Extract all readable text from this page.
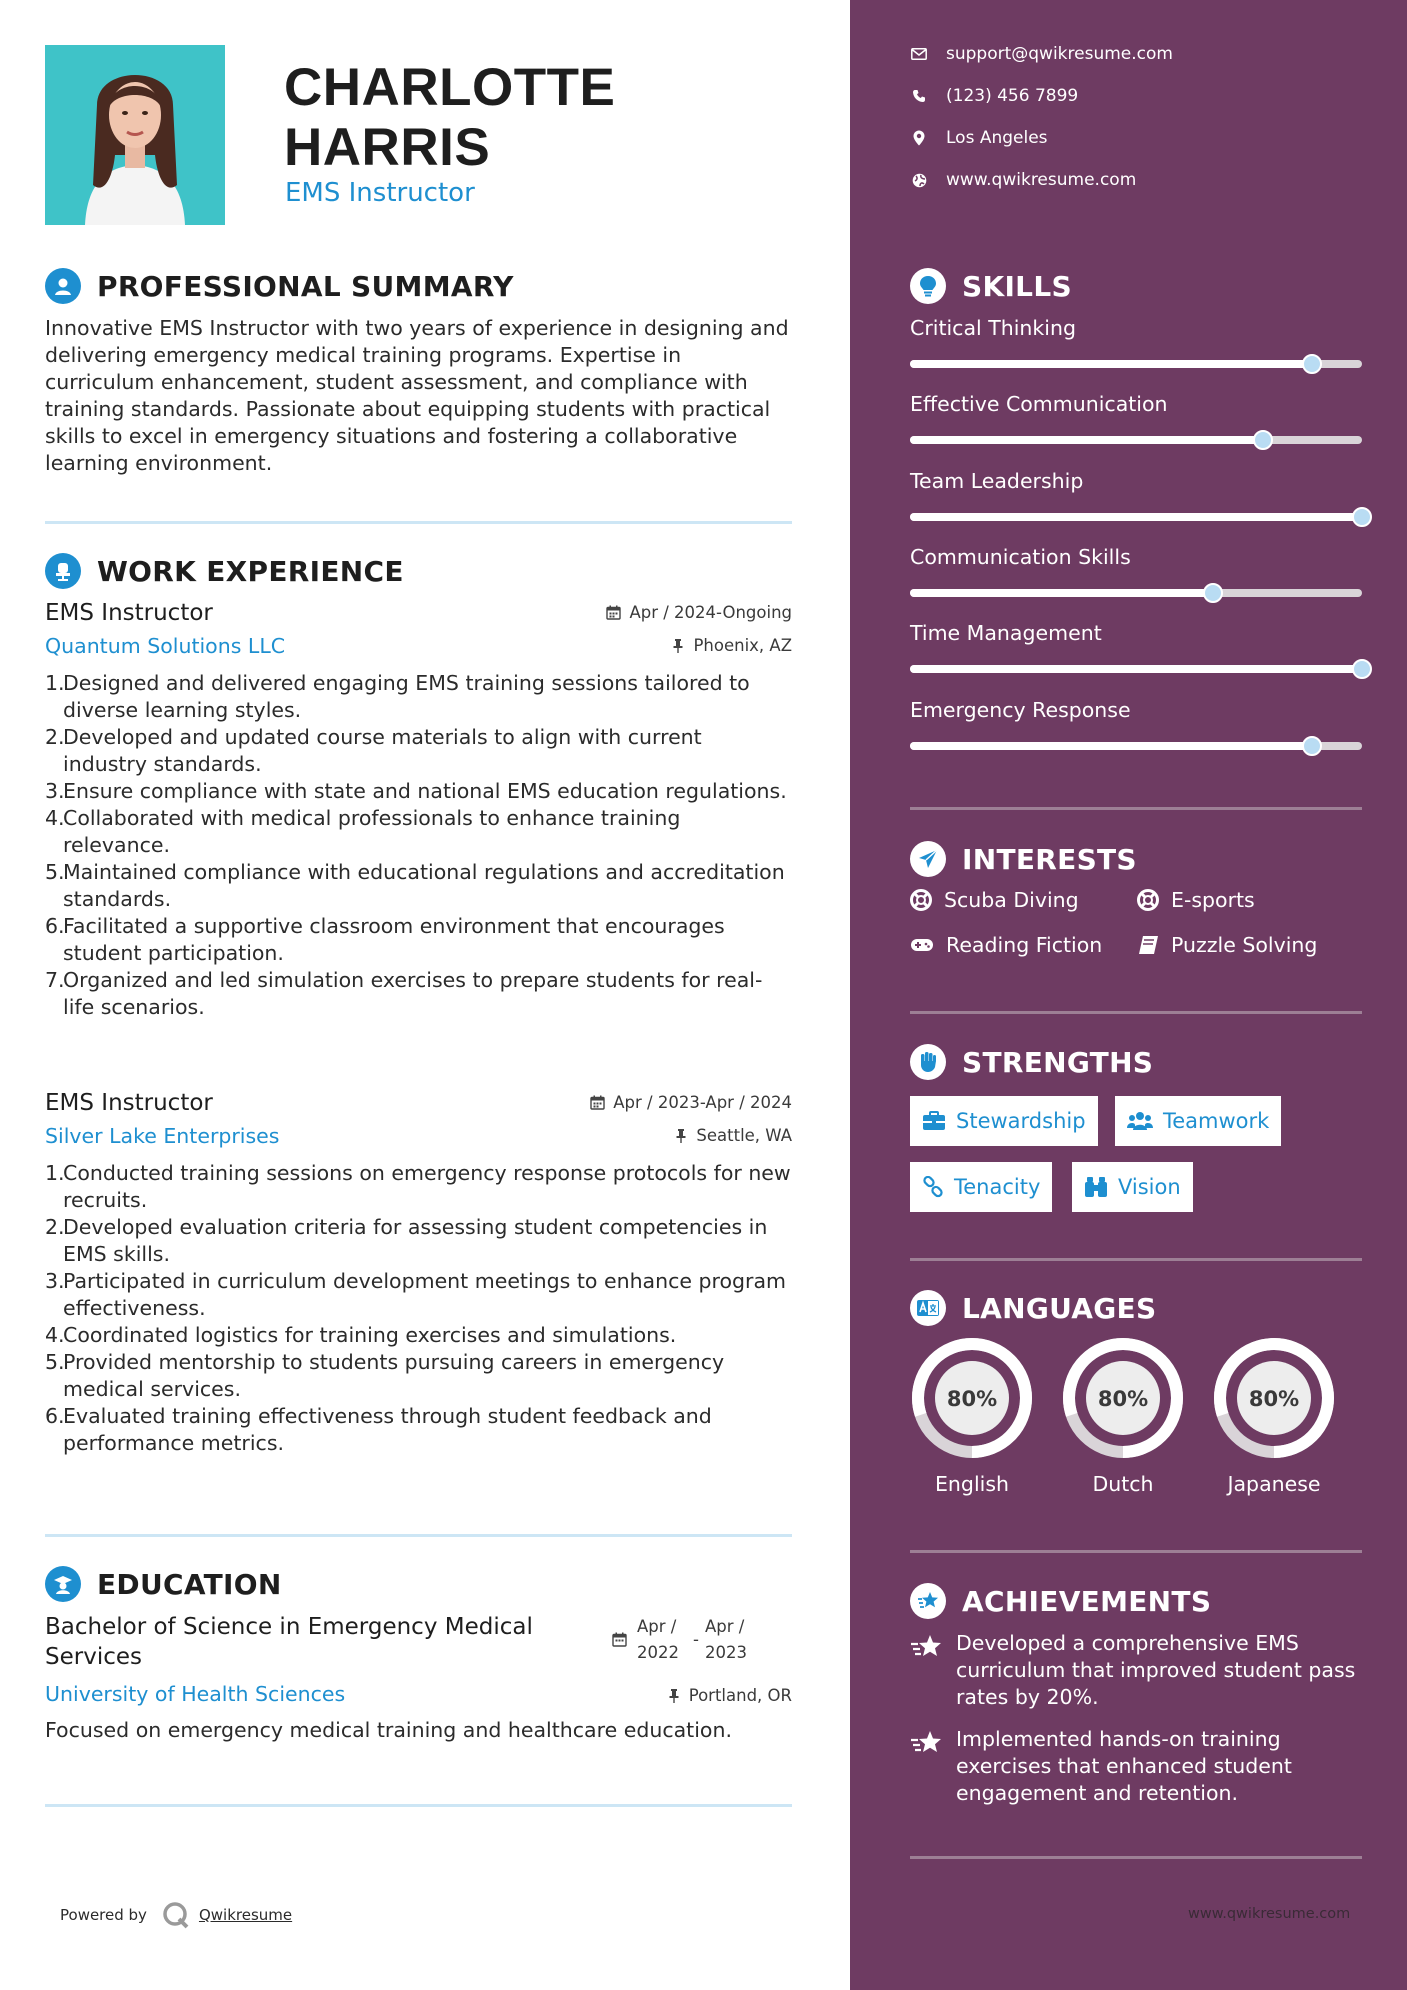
CHARLOTTE
HARRIS
EMS Instructor
PROFESSIONAL SUMMARY
Innovative EMS Instructor with two years of experience in designing and delivering emergency medical training programs. Expertise in curriculum enhancement, student assessment, and compliance with training standards. Passionate about equipping students with practical skills to excel in emergency situations and fostering a collaborative learning environment.
WORK EXPERIENCE
EMS Instructor	Apr / 2024-Ongoing
Quantum Solutions LLC	Phoenix, AZ
1.
Designed and delivered engaging EMS training sessions tailored to diverse learning styles.
2.
Developed and updated course materials to align with current industry standards.
3.
Ensure compliance with state and national EMS education regulations.
4.
Collaborated with medical professionals to enhance training relevance.
5.
Maintained compliance with educational regulations and accreditation standards.
6.
Facilitated a supportive classroom environment that encourages student participation.
7.
Organized and led simulation exercises to prepare students for real-life scenarios.
EMS Instructor	Apr / 2023-Apr / 2024
Silver Lake Enterprises	Seattle, WA
1.
Conducted training sessions on emergency response protocols for new recruits.
2.
Developed evaluation criteria for assessing student competencies in EMS skills.
3.
Participated in curriculum development meetings to enhance program effectiveness.
4.
Coordinated logistics for training exercises and simulations.
5.
Provided mentorship to students pursuing careers in emergency medical services.
6.
Evaluated training effectiveness through student feedback and performance metrics.
EDUCATION
Bachelor of Science in Emergency Medical
Services
Apr /
2022
-
Apr /
2023
University of Health Sciences	Portland, OR
Focused on emergency medical training and healthcare education.
Powered by	Qwikresume
support@qwikresume.com
(123) 456 7899
Los Angeles
www.qwikresume.com
SKILLS
Critical Thinking
Effective Communication
Team Leadership
Communication Skills
Time Management
Emergency Response
INTERESTS
Scuba Diving	E-sports
Reading Fiction	Puzzle Solving
STRENGTHS
Stewardship	Teamwork
Tenacity	Vision
LANGUAGES
80%
English
80%
Dutch
80%
Japanese
ACHIEVEMENTS
Developed a comprehensive EMS curriculum that improved student pass rates by 20%.
Implemented hands-on training exercises that enhanced student engagement and retention.
www.qwikresume.com
